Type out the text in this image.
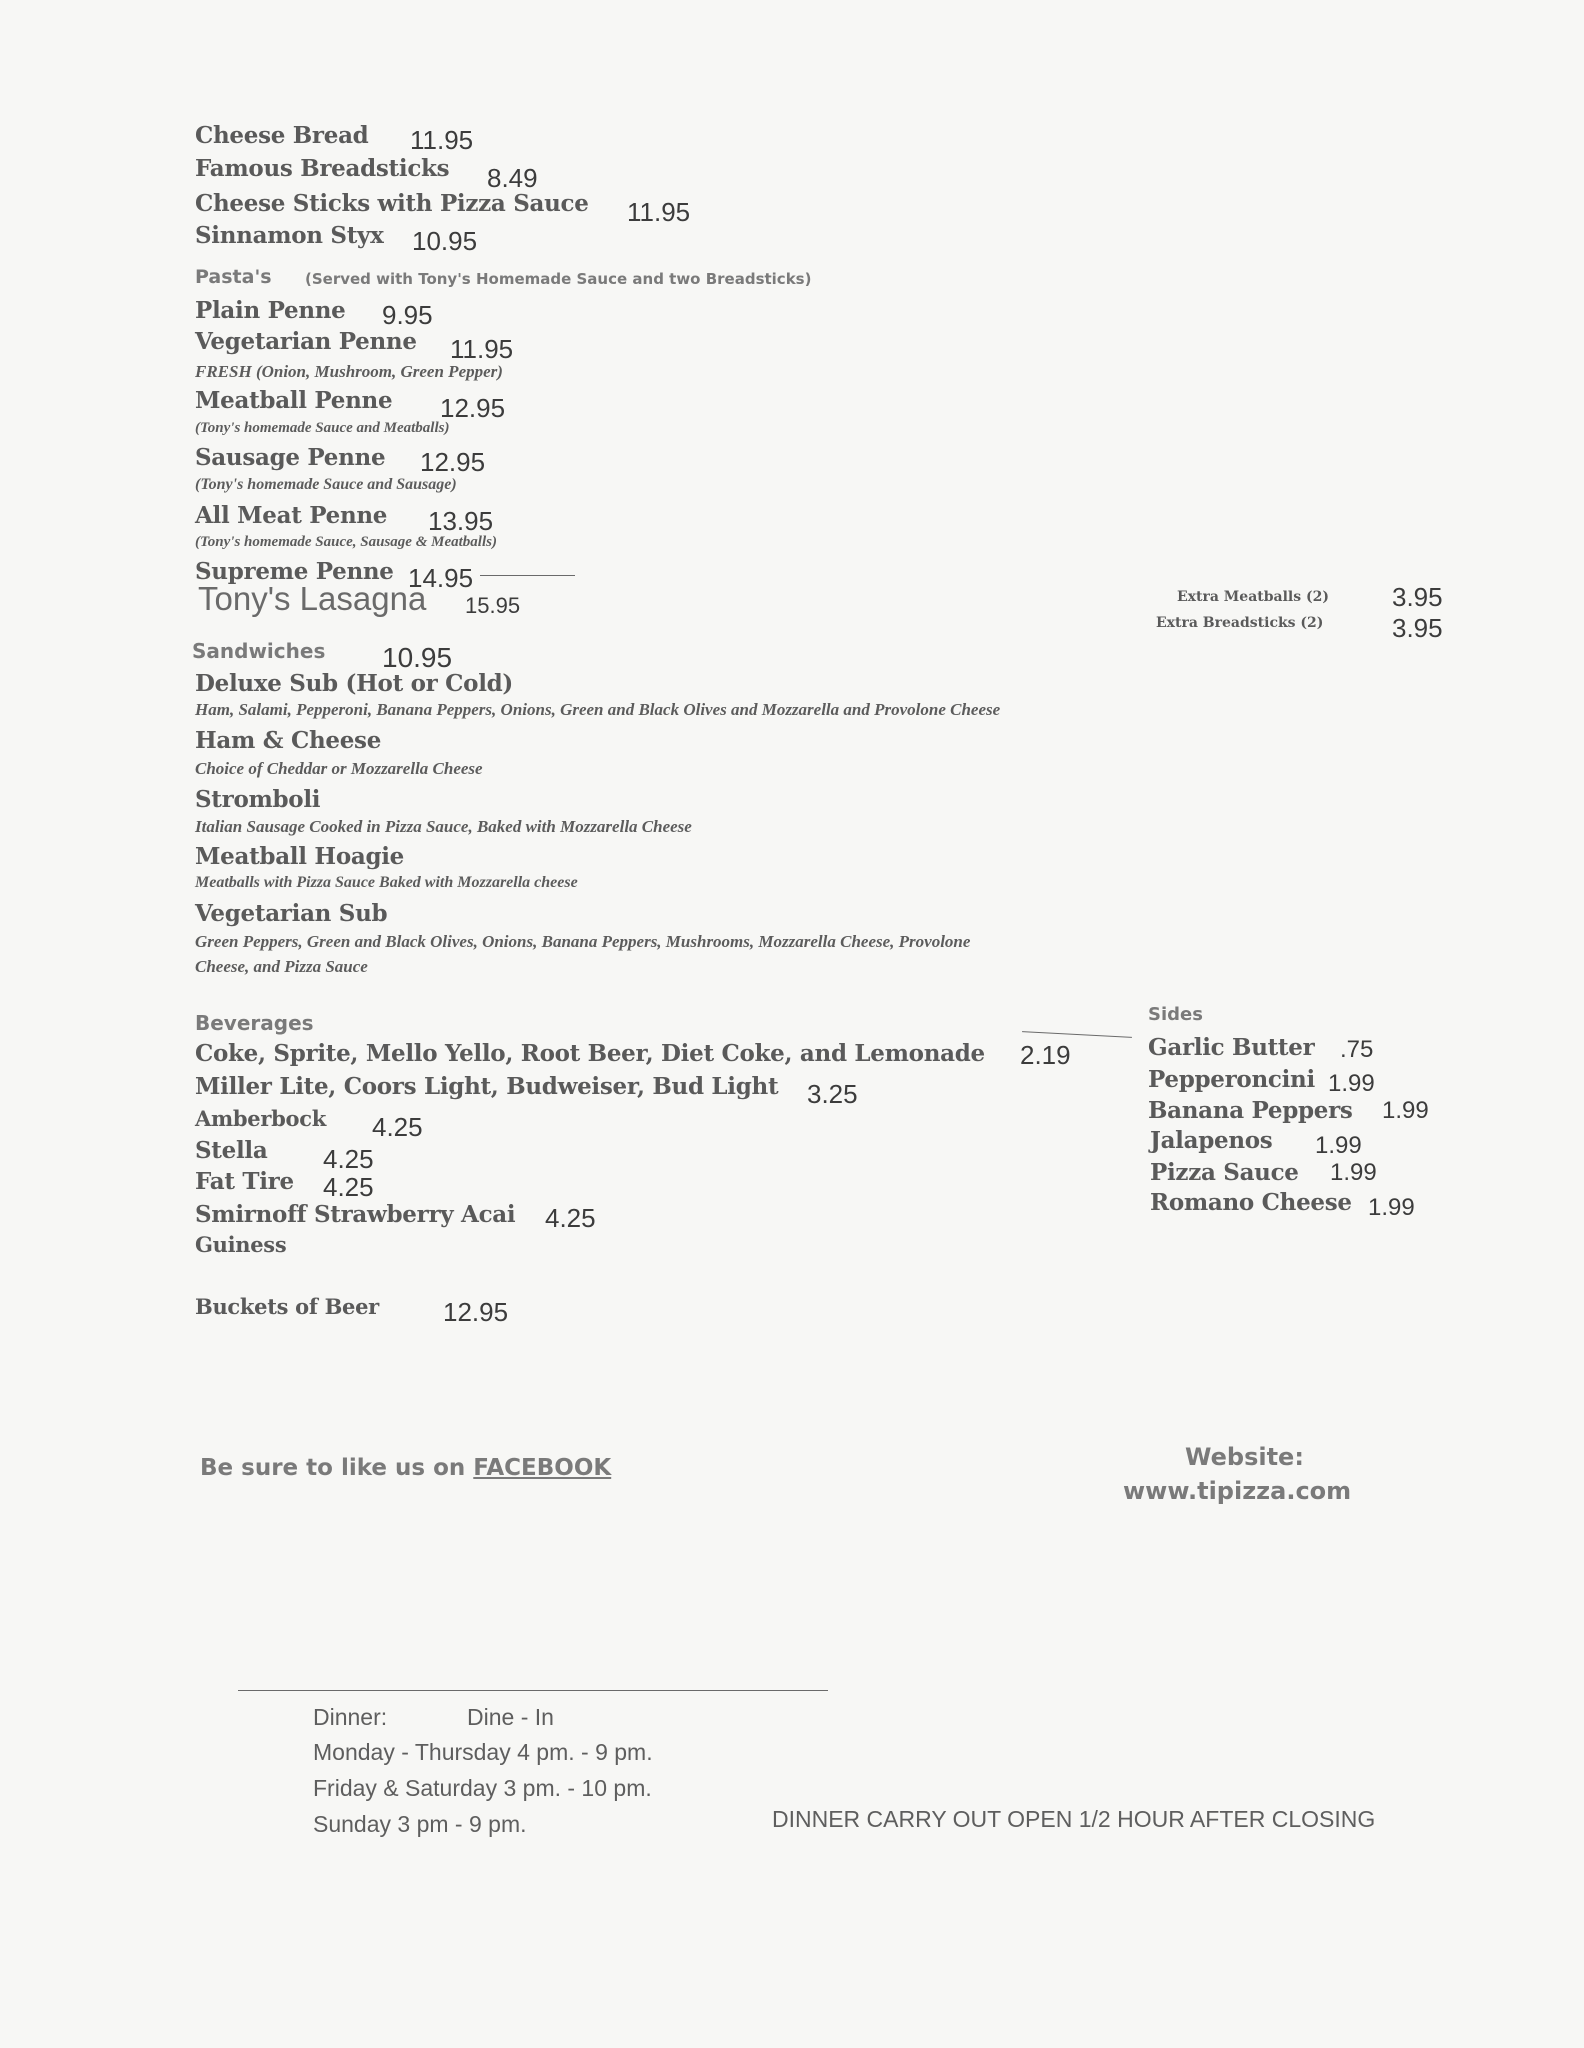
Cheese Bread 11.95
Famous Breadsticks 8.49
Cheese Sticks with Pizza Sauce 11.95
Sinnamon Styx 10.95
Pasta's (Served with Tony's Homemade Sauce and two Breadsticks)
Plain Penne 9.95
Vegetarian Penne 11.95
FRESH (Onion, Mushroom, Green Pepper)
Meatball Penne 12.95
(Tony's homemade Sauce and Meatballs)
Sausage Penne 12.95
(Tony's homemade Sauce and Sausage)
All Meat Penne 13.95
(Tony's homemade Sauce, Sausage & Meatballs)
Supreme Penne 14.95
Tony's Lasagna 15.95	Extra Meatballs (2) 3.95
Extra Breadsticks (2)	3.95
Sandwiches 10.95
Deluxe Sub (Hot or Cold)
Ham, Salami, Pepperoni, Banana Peppers, Onions, Green and Black Olives and Mozzarella and Provolone Cheese
Ham & Cheese
Choice of Cheddar or Mozzarella Cheese
Stromboli
Italian Sausage Cooked in Pizza Sauce, Baked with Mozzarella Cheese
Meatball Hoagie
Meatballs with Pizza Sauce Baked with Mozzarella cheese
Vegetarian Sub
Green Peppers, Green and Black Olives, Onions, Banana Peppers, Mushrooms, Mozzarella Cheese, Provolone
Cheese, and Pizza Sauce
Beverages
Coke, Sprite, Mello Yello, Root Beer, Diet Coke, and Lemonade 2.19
Miller Lite, Coors Light, Budweiser, Bud Light 3.25
Amberbock 4.25
Stella 4.25
Fat Tire 4.25
Smirnoff Strawberry Acai 4.25
Guiness
Buckets of Beer 12.95
Sides
Garlic Butter .75
Pepperoncini 1.99
Banana Peppers 1.99
Jalapenos 1.99
Pizza Sauce 1.99
Romano Cheese 1.99
Be sure to like us on FACEBOOK	Website:
www.tipizza.com
Dinner:	Dine - In
Monday - Thursday 4 pm. - 9 pm.
Friday & Saturday 3 pm. - 10 pm.
Sunday 3 pm - 9 pm.	DINNER CARRY OUT OPEN 1/2 HOUR AFTER CLOSING
